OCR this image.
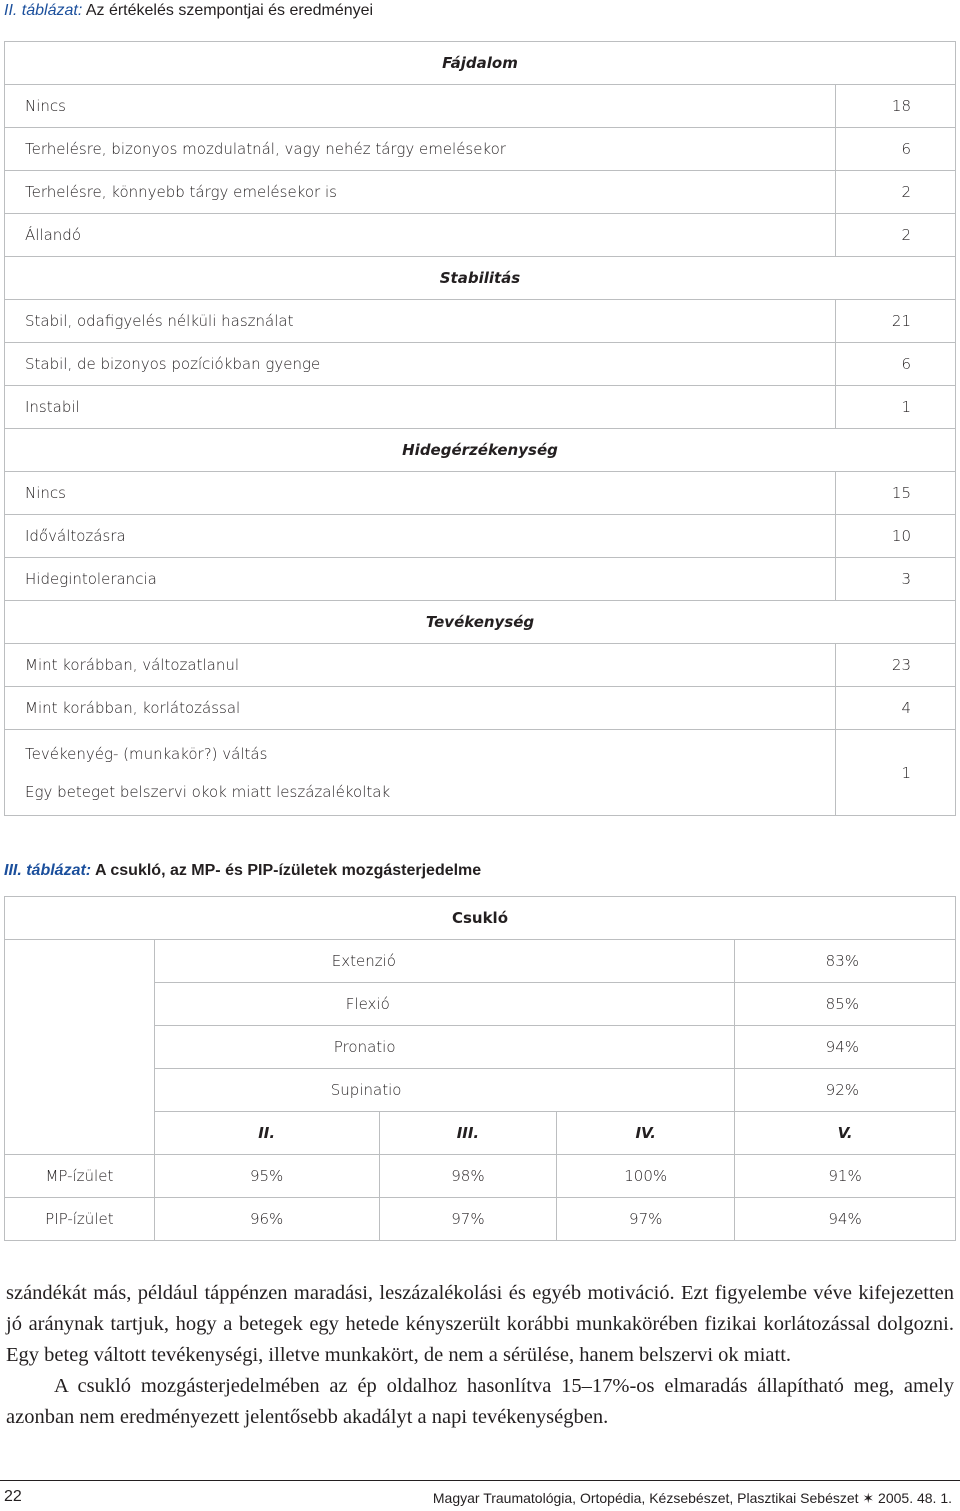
II. táblázat: Az értékelés szempontjai és eredményei
Fájdalom	
Nincs	18
Terhelésre, bizonyos mozdulatnál, vagy nehéz tárgy emelésekor	6
Terhelésre, könnyebb tárgy emelésekor is	2
Állandó	2
Stabilitás	
Stabil, odafigyelés nélküli használat	21
Stabil, de bizonyos pozíciókban gyenge	6
Instabil	1
Hidegérzékenység	
Nincs	15
Időváltozásra	10
Hidegintolerancia	3
Tevékenység	
Mint korábban, változatlanul	23
Mint korábban, korlátozással	4

Tevékenyég- (munkakör?) váltás
Egy beteget belszervi okok miatt leszázalékoltak	1
III. táblázat: A csukló, az MP- és PIP-ízületek mozgásterjedelme
Csukló				
	Extenzió			83%
	Flexió			85%
	Pronatio			94%
	Supinatio			92%
	II.	III.	IV.	V.
MP-ízület	95%	98%	100%	91%
PIP-ízület	96%	97%	97%	94%

szándékát más, például táppénzen maradási, leszázalékolási és egyéb motiváció. Ezt figyelembe véve kifejezetten jó aránynak tartjuk, hogy a betegek egy hetede kényszerült korábbi munkakörében fizikai korlátozással dolgozni. Egy beteg váltott tevékenységi, illetve munkakört, de nem a sérülése, hanem belszervi ok miatt.

A csukló mozgásterjedelmében az ép oldalhoz hasonlítva 15–17%-os elmaradás állapítható meg, amely azonban nem eredményezett jelentősebb akadályt a napi tevékenységben.

22	Magyar Traumatológia, Ortopédia, Kézsebészet, Plasztikai Sebészet ✶ 2005. 48. 1.
